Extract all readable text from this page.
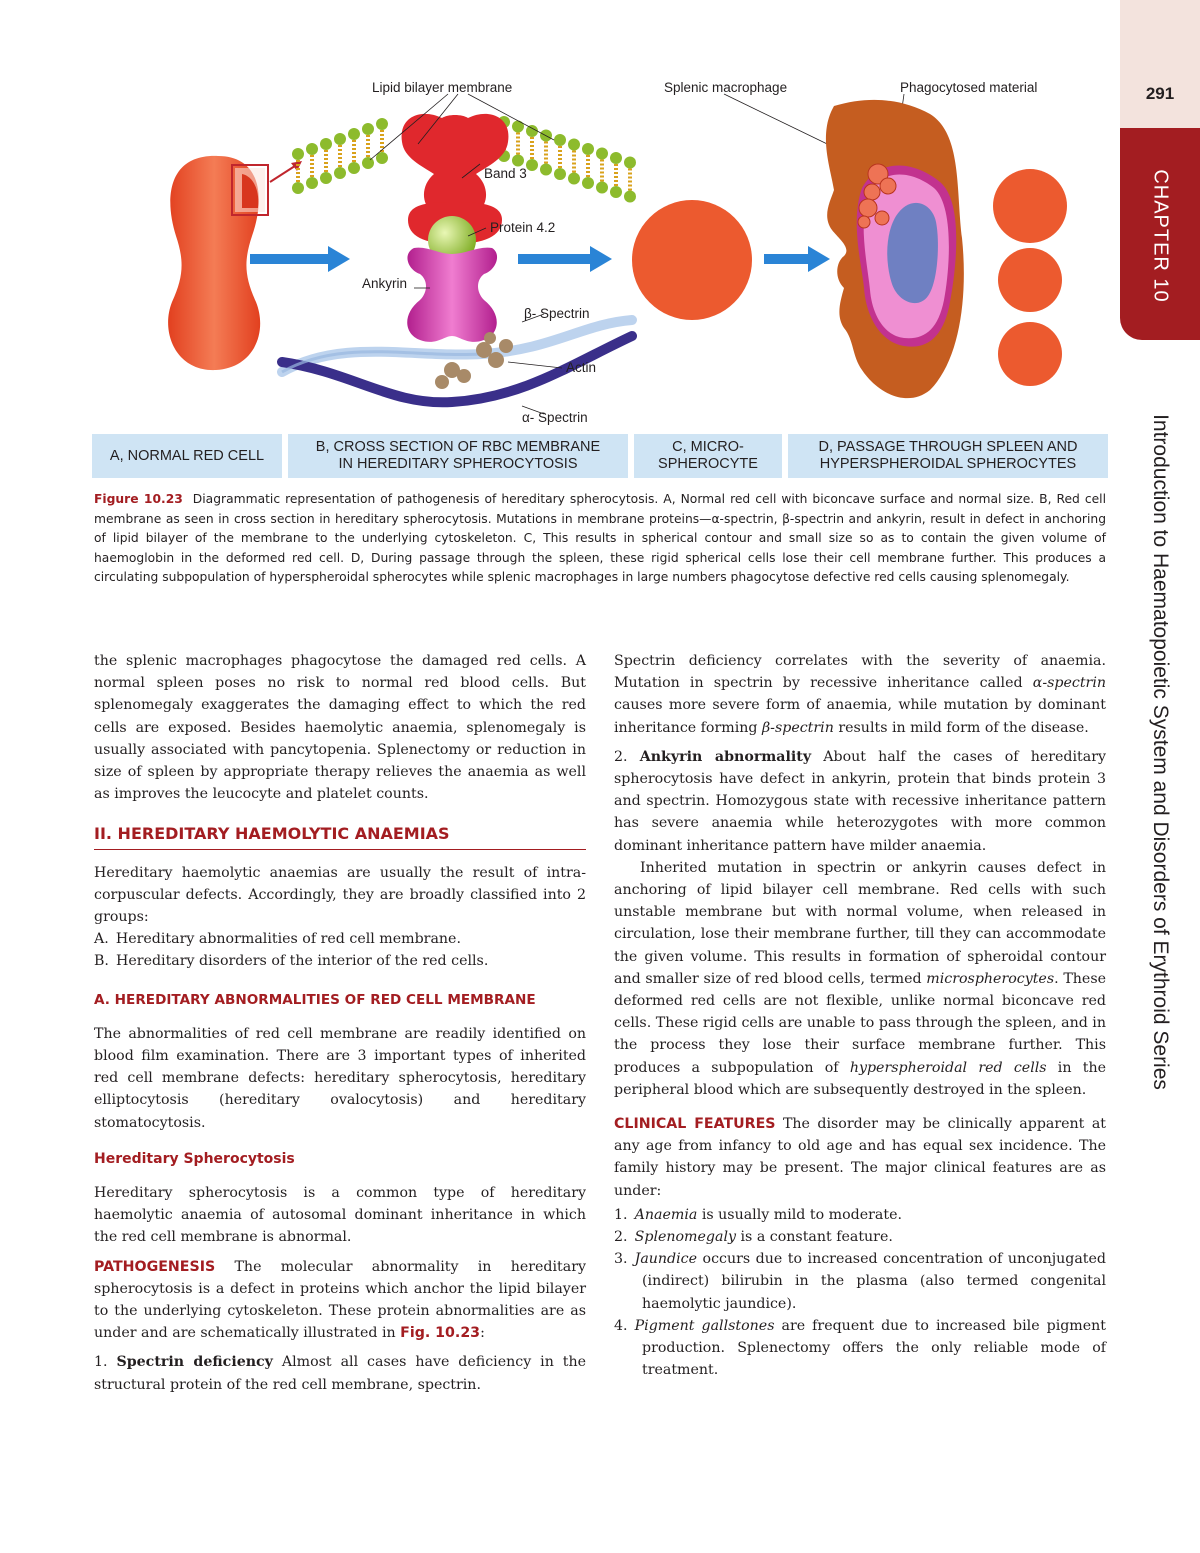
291
CHAPTER 10
Introduction to Haematopoietic System and Disorders of Erythroid Series
Lipid bilayer membrane
Band 3
Protein 4.2
Ankyrin
β- Spectrin
Actin
α- Spectrin
Splenic macrophage	Phagocytosed material
A, NORMAL RED CELL
B, CROSS SECTION OF RBC MEMBRANE
IN HEREDITARY SPHEROCYTOSIS
C, MICRO-
SPHEROCYTE
D, PASSAGE THROUGH SPLEEN AND
HYPERSPHEROIDAL SPHEROCYTES
Figure 10.23 Diagrammatic representation of pathogenesis of hereditary spherocytosis. A, Normal red cell with biconcave surface and normal size. B, Red cell membrane as seen in cross section in hereditary spherocytosis. Mutations in membrane proteins—α-spectrin, β-spectrin and ankyrin, result in defect in anchoring of lipid bilayer of the membrane to the underlying cytoskeleton. C, This results in spherical contour and small size so as to contain the given volume of haemoglobin in the deformed red cell. D, During passage through the spleen, these rigid spherical cells lose their cell membrane further. This produces a circulating subpopulation of hyperspheroidal spherocytes while splenic macrophages in large numbers phagocytose defective red cells causing splenomegaly.

the splenic macrophages phagocytose the damaged red cells. A normal spleen poses no risk to normal red blood cells. But splenomegaly exaggerates the damaging effect to which the red cells are exposed. Besides haemolytic anaemia, splenomegaly is usually associated with pancytopenia. Splenectomy or reduction in size of spleen by appropriate therapy relieves the anaemia as well as improves the leucocyte and platelet counts.

II. HEREDITARY HAEMOLYTIC ANAEMIAS

Hereditary haemolytic anaemias are usually the result of intra-corpuscular defects. Accordingly, they are broadly classified into 2 groups:

A. Hereditary abnormalities of red cell membrane.

B. Hereditary disorders of the interior of the red cells.

A. HEREDITARY ABNORMALITIES OF RED CELL MEMBRANE

The abnormalities of red cell membrane are readily identified on blood film examination. There are 3 important types of inherited red cell membrane defects: hereditary spherocytosis, hereditary elliptocytosis (hereditary ovalocytosis) and hereditary stomatocytosis.

Hereditary Spherocytosis

Hereditary spherocytosis is a common type of hereditary haemolytic anaemia of autosomal dominant inheritance in which the red cell membrane is abnormal.

PATHOGENESIS The molecular abnormality in hereditary spherocytosis is a defect in proteins which anchor the lipid bilayer to the underlying cytoskeleton. These protein abnormalities are as under and are schematically illustrated in Fig. 10.23:

1. Spectrin deficiency Almost all cases have deficiency in the structural protein of the red cell membrane, spectrin.

Spectrin deficiency correlates with the severity of anaemia. Mutation in spectrin by recessive inheritance called α-spectrin causes more severe form of anaemia, while mutation by dominant inheritance forming β-spectrin results in mild form of the disease.

2. Ankyrin abnormality About half the cases of hereditary spherocytosis have defect in ankyrin, protein that binds protein 3 and spectrin. Homozygous state with recessive inheritance pattern has severe anaemia while heterozygotes with more common dominant inheritance pattern have milder anaemia.

Inherited mutation in spectrin or ankyrin causes defect in anchoring of lipid bilayer cell membrane. Red cells with such unstable membrane but with normal volume, when released in circulation, lose their membrane further, till they can accommodate the given volume. This results in formation of spheroidal contour and smaller size of red blood cells, termed microspherocytes. These deformed red cells are not flexible, unlike normal biconcave red cells. These rigid cells are unable to pass through the spleen, and in the process they lose their surface membrane further. This produces a subpopulation of hyperspheroidal red cells in the peripheral blood which are subsequently destroyed in the spleen.

CLINICAL FEATURES The disorder may be clinically apparent at any age from infancy to old age and has equal sex incidence. The family history may be present. The major clinical features are as under:

1. Anaemia is usually mild to moderate.

2. Splenomegaly is a constant feature.

3. Jaundice occurs due to increased concentration of unconjugated (indirect) bilirubin in the plasma (also termed congenital haemolytic jaundice).

4. Pigment gallstones are frequent due to increased bile pigment production. Splenectomy offers the only reliable mode of treatment.
